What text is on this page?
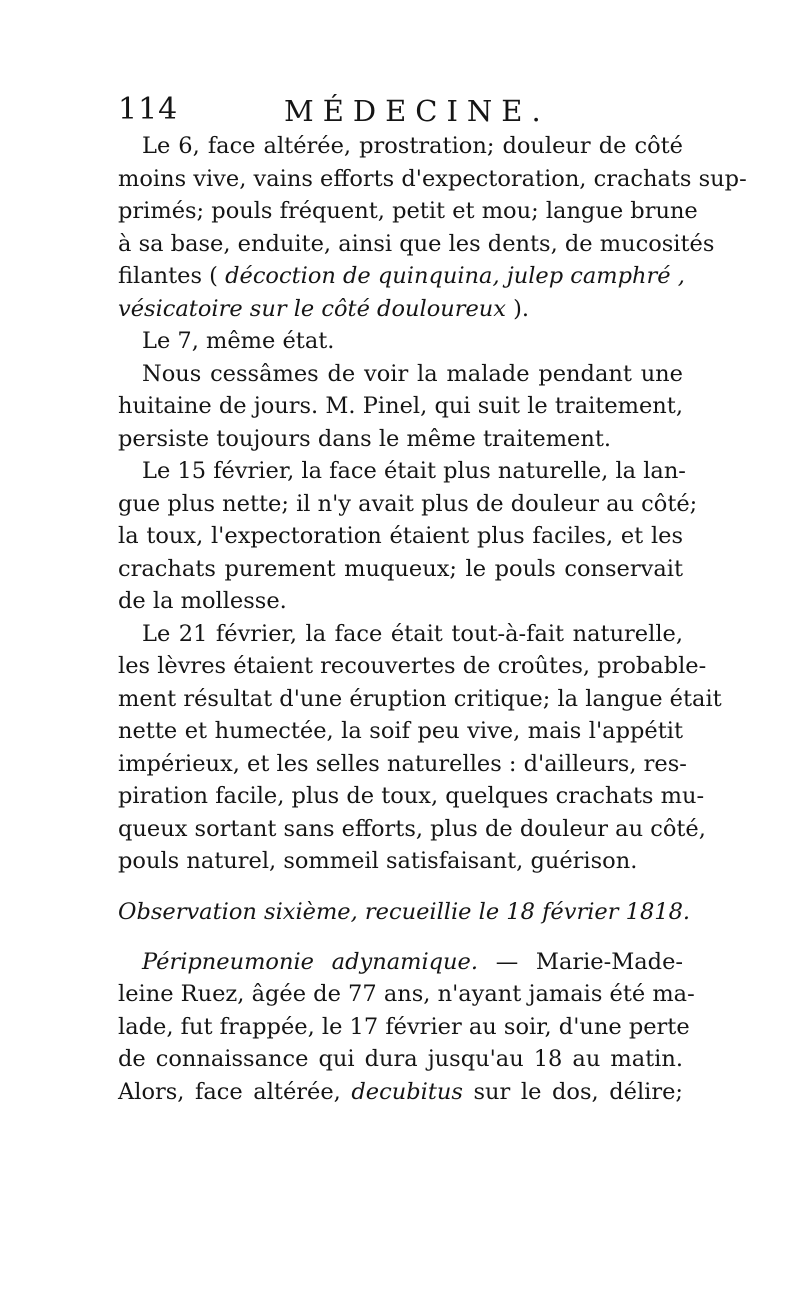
114	MÉDECINE.
Le 6, face altérée, prostration; douleur de côté
moins vive, vains efforts d'expectoration, crachats sup-
primés; pouls fréquent, petit et mou; langue brune
à sa base, enduite, ainsi que les dents, de mucosités
filantes ( décoction de quinquina, julep camphré ,
vésicatoire sur le côté douloureux ).
Le 7, même état.
Nous cessâmes de voir la malade pendant une
huitaine de jours. M. Pinel, qui suit le traitement,
persiste toujours dans le même traitement.
Le 15 février, la face était plus naturelle, la lan-
gue plus nette; il n'y avait plus de douleur au côté;
la toux, l'expectoration étaient plus faciles, et les
crachats purement muqueux; le pouls conservait
de la mollesse.
Le 21 février, la face était tout-à-fait naturelle,
les lèvres étaient recouvertes de croûtes, probable-
ment résultat d'une éruption critique; la langue était
nette et humectée, la soif peu vive, mais l'appétit
impérieux, et les selles naturelles : d'ailleurs, res-
piration facile, plus de toux, quelques crachats mu-
queux sortant sans efforts, plus de douleur au côté,
pouls naturel, sommeil satisfaisant, guérison.
Observation sixième, recueillie le 18 février 1818.
Péripneumonie adynamique. — Marie-Made-
leine Ruez, âgée de 77 ans, n'ayant jamais été ma-
lade, fut frappée, le 17 février au soir, d'une perte
de connaissance qui dura jusqu'au 18 au matin.
Alors, face altérée, decubitus sur le dos, délire;
